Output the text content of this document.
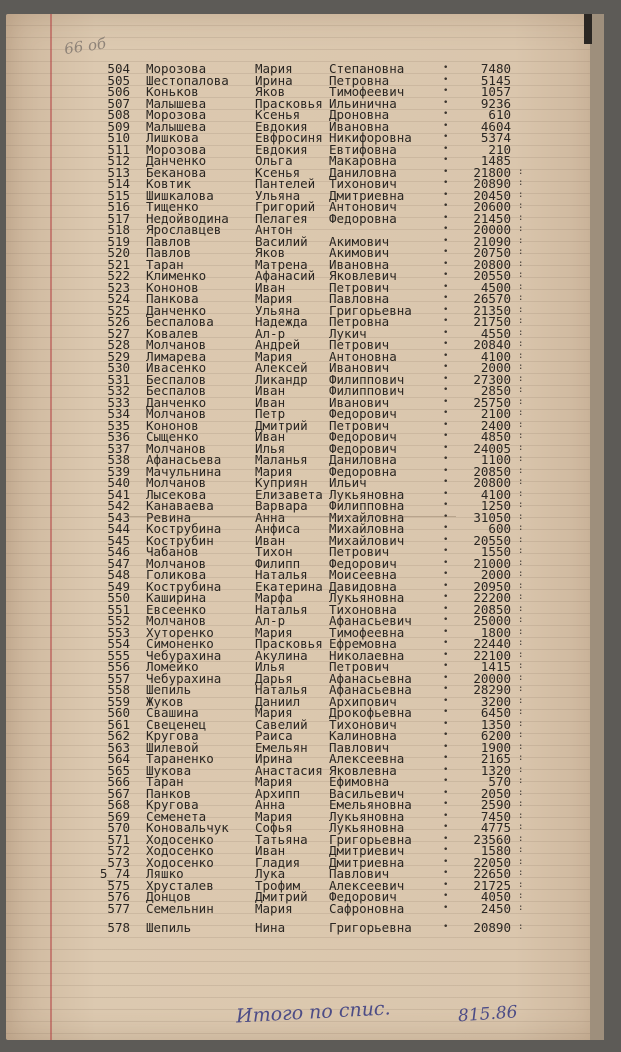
66 об
504 Морозова	Мария	Степановна	7480
•
505 Шестопалова Ирина	Петровна	5145
•
506 Коньков	Яков	Тимофеевич	1057
•
507 Малышева	Прасковья Ильинична	9236
•
508 Морозова	Ксенья Дроновна	610
•
509 Малышева	Евдокия Ивановна	4604
•
510 Лишкова	Евфросиня Никифоровна	5374
•
511 Морозова	Евдокия Евтифовна	210
•
512 Данченко	Ольга	Макаровна	1485
•
513 Беканова	Ксенья Даниловна	21800
•	:
514 Ковтик	Пантелей Тихонович	20890
•	:
515 Шишкалова	Ульяна Дмитриевна	20450
•	:
516 Тищенко	Григорий Антонович	20600
•	:
517 Недойводина Пелагея Федоровна	21450
•	:
518 Ярославцев	Антон	20000
•	:
519 Павлов	Василий Акимович	21090
•	:
520 Павлов	Яков	Акимович	20750
•	:
521 Таран	Матрена Ивановна	20800
•	:
522 Клименко	Афанасий Яковлевич	20550
•	:
523 Кононов	Иван	Петрович	4500
•	:
524 Панкова	Мария	Павловна	26570
•	:
525 Данченко	Ульяна Григорьевна	21350
•	:
526 Беспалова	Надежда Петровна	21750
•	:
527 Ковалев	Ал-р	Лукич	4550
•	:
528 Молчанов	Андрей Петрович	20840
•	:
529 Лимарева	Мария	Антоновна	4100
•	:
530 Ивасенко	Алексей Иванович	2000
•	:
531 Беспалов	Ликандр Филиппович	27300
•	:
532 Беспалов	Иван	Филиппович	2850
•	:
533 Данченко	Иван	Иванович	25750
•	:
534 Молчанов	Петр	Федорович	2100
•	:
535 Кононов	Дмитрий Петрович	2400
•	:
536 Сыщенко	Иван	Федорович	4850
•	:
537 Молчанов	Илья	Федорович	24005
•	:
538 Афанасьева	Маланья Даниловна	1100
•	:
539 Мачульнина	Мария	Федоровна	20850
•	:
540 Молчанов	Куприян Ильич	20800
•	:
541 Лысекова	Елизавета Лукьяновна	4100
•	:
542 Канаваева	Варвара Филипповна	1250
•	:
543 Ревина	Анна	Михайловна	31050
•	:
544 Кострубина	Анфиса Михайловна	600
•	:
545 Кострубин	Иван	Михайлович	20550
•	:
546 Чабанов	Тихон	Петрович	1550
•	:
547 Молчанов	Филипп Федорович	21000
•	:
548 Голикова	Наталья Моисеевна	2000
•	:
549 Кострубина	Екатерина Давидовна	20950
•	:
550 Каширина	Марфа	Лукьяновна	22200
•	:
551 Евсеенко	Наталья Тихоновна	20850
•	:
552 Молчанов	Ал-р	Афанасьевич	25000
•	:
553 Хуторенко	Мария	Тимофеевна	1800
•	:
554 Симоненко	Прасковья Ефремовна	22440
•	:
555 Чебурахина	Акулина Николаевна	22100
•	:
556 Ломейко	Илья	Петрович	1415
•	:
557 Чебурахина	Дарья	Афанасьевна	20000
•	:
558 Шепиль	Наталья Афанасьевна	28290
•	:
559 Жуков	Даниил Архипович	3200
•	:
560 Свашина	Мария	Дрокофьевна	6450
•	:
561 Свеценец	Савелий Тихонович	1350
•	:
562 Кругова	Раиса	Калиновна	6200
•	:
563 Шилевой	Емельян Павлович	1900
•	:
564 Тараненко	Ирина	Алексеевна	2165
•	:
565 Шукова	Анастасия Яковлевна	1320
•	:
566 Таран	Мария	Ефимовна	570
•	:
567 Панков	Архипп Васильевич	2050
•	:
568 Кругова	Анна	Емельяновна	2590
•	:
569 Семенета	Мария	Лукьяновна	7450
•	:
570 Коновальчук Софья	Лукьяновна	4775
•	:
571 Ходосенко	Татьяна Григорьевна	23560
•	:
572 Ходосенко	Иван	Дмитриевич	1580
•	:
573 Ходосенко	Гладия Дмитриевна	22050
•	:
5_74 Ляшко	Лука	Павлович	22650
•	:
575 Хрусталев	Трофим Алексеевич	21725
•	:
576 Донцов	Дмитрий Федорович	4050
•	:
577 Семельнин	Мария	Сафроновна	2450
•	:
578 Шепиль	Нина	Григорьевна	20890
•	:
Итого по спис.	815.86
